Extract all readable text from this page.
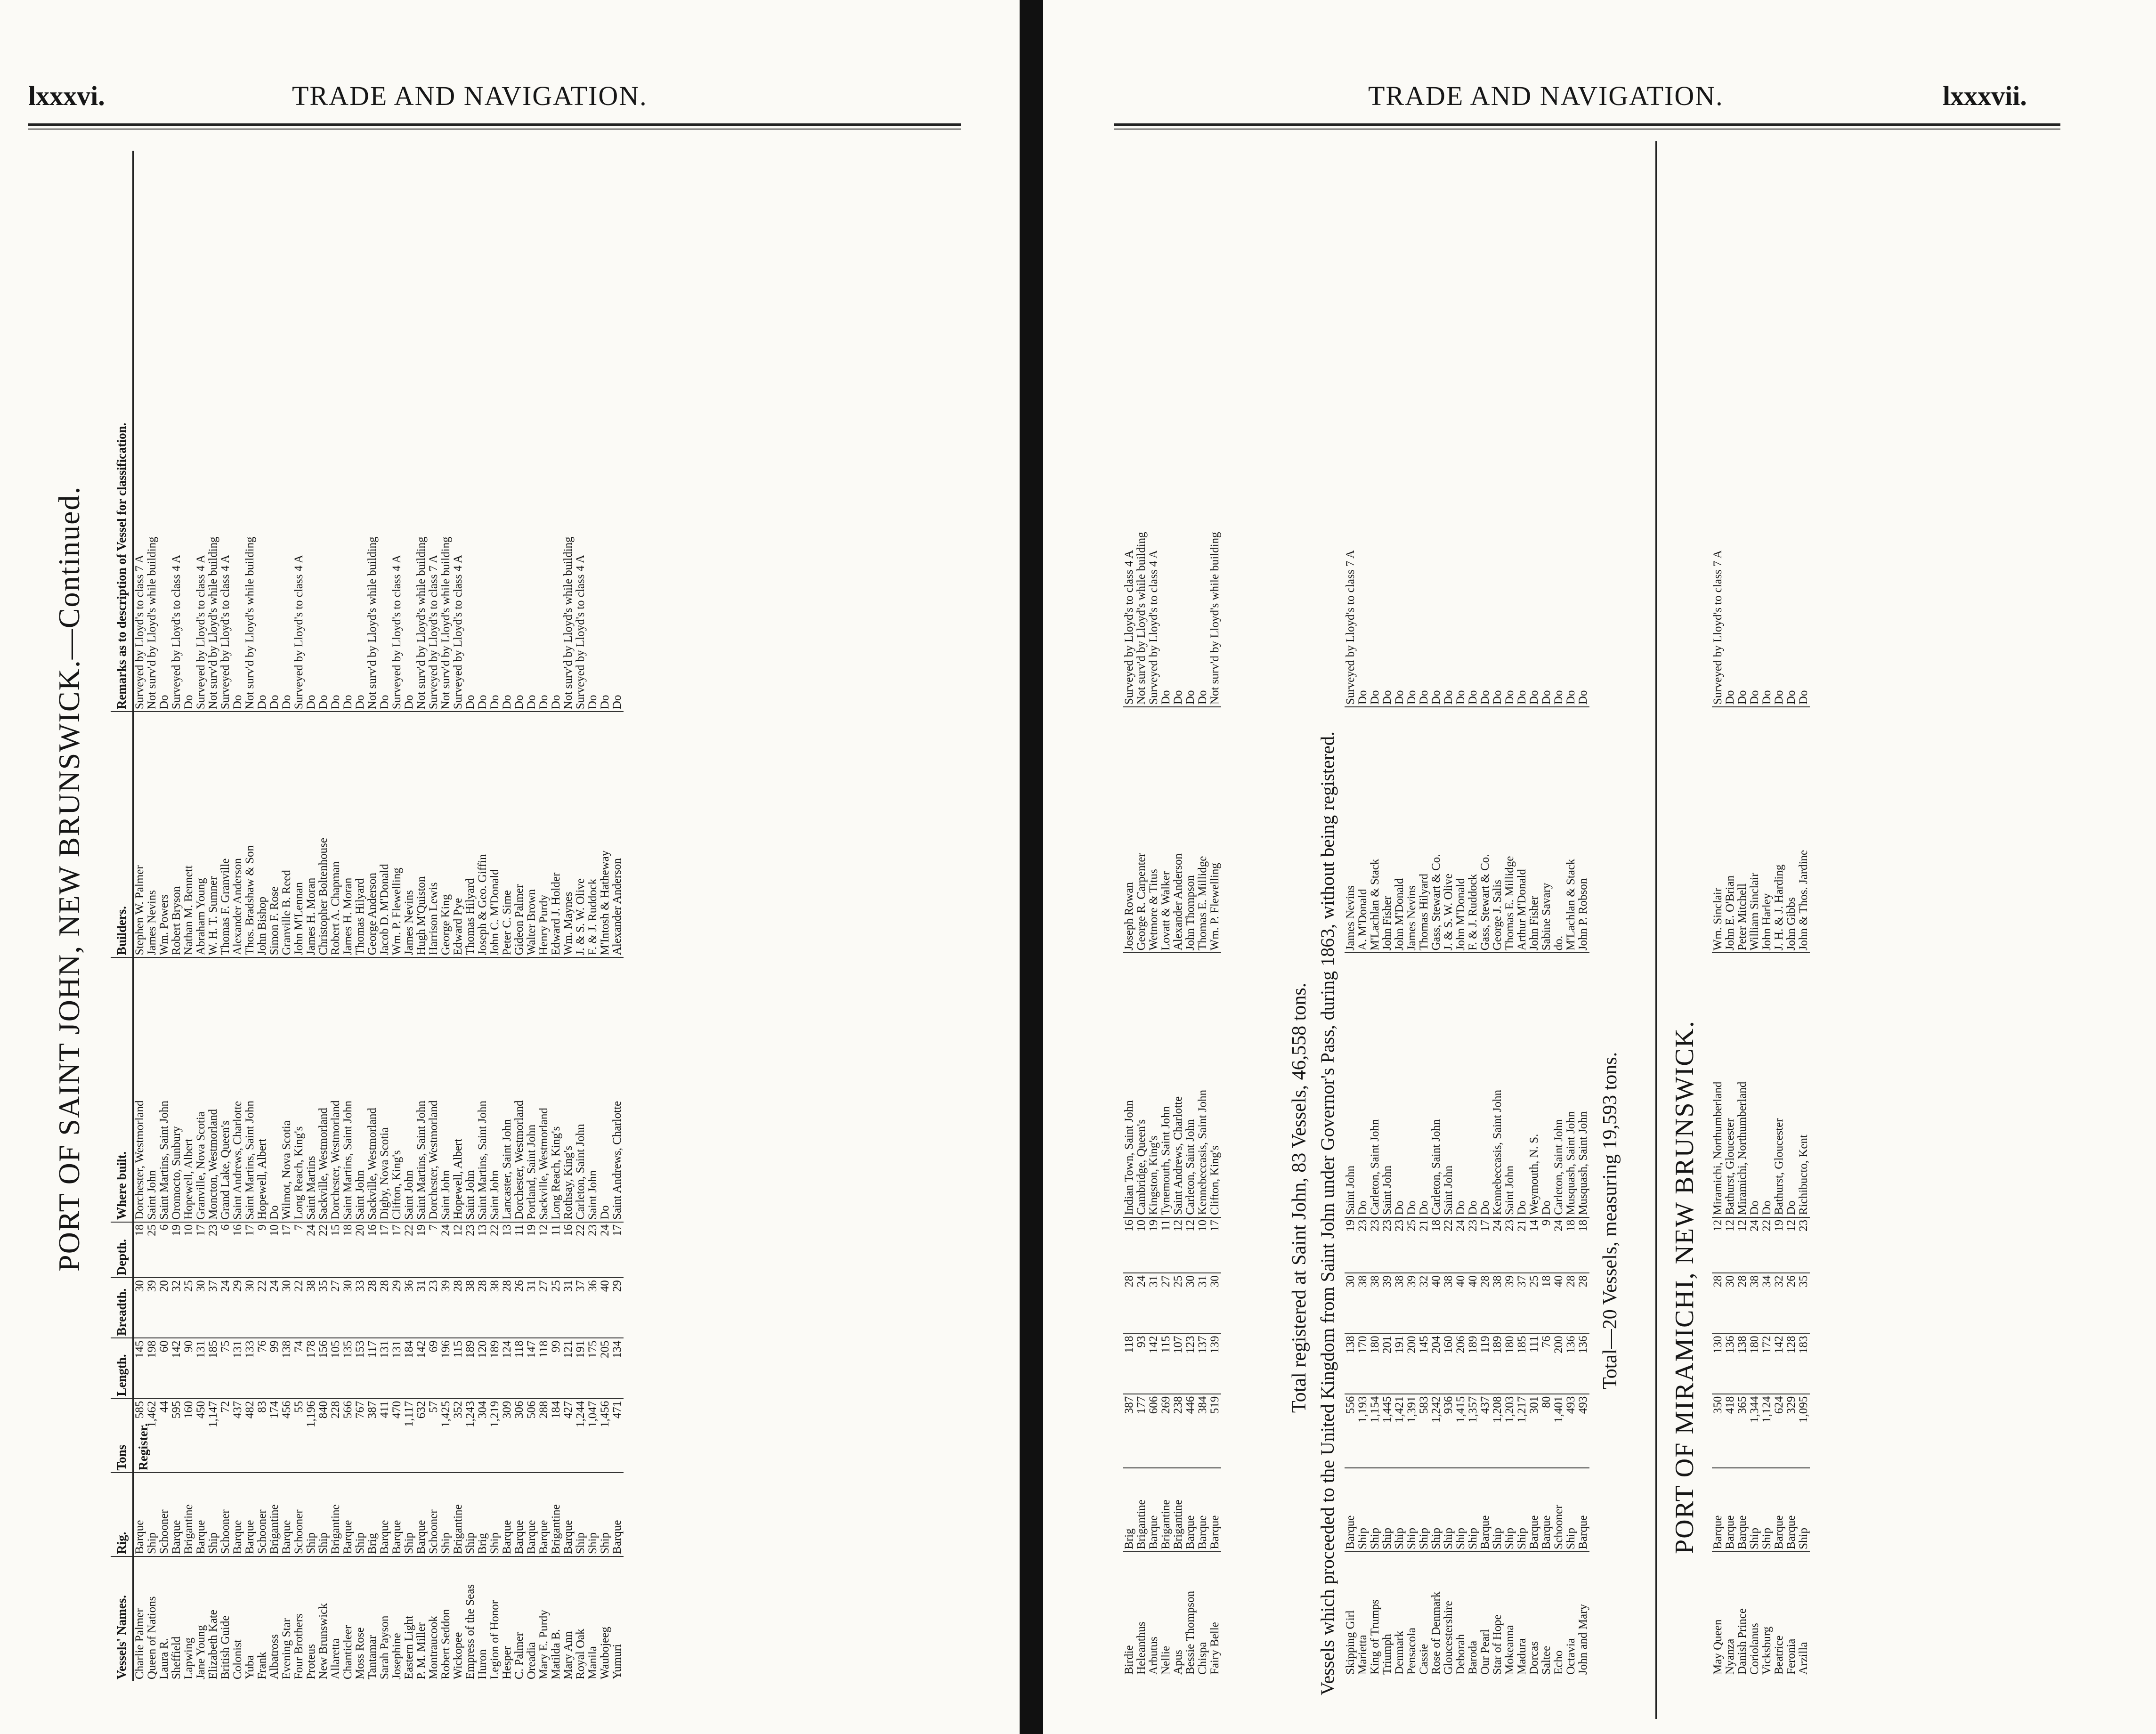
lxxxvi.	TRADE AND NAVIGATION.
PORT OF SAINT JOHN, NEW BRUNSWICK.—Continued.
Vessels' Names.
Rig.
Tons Register.
Length.
Breadth.
Depth.
Where built.
Builders.
Remarks as to description of Vessel for classification.
Charlie Palmer
Barque
585
145
30
18
Dorchester, Westmorland
Stephen W. Palmer
Surveyed by Lloyd's to class 7 A
Queen of Nations
Ship
1,462
198
39
25
Saint John
James Nevins
Not surv'd by Lloyd's while building
Laura R.
Schooner
44
60
20
6
Saint Martins, Saint John
Wm. Powers
Do
Sheffield
Barque
595
142
32
19
Oromocto, Sunbury
Robert Bryson
Surveyed by Lloyd's to class 4 A
Lapwing
Brigantine
160
90
25
10
Hopewell, Albert
Nathan M. Bennett
Do
Jane Young
Barque
450
131
30
17
Granville, Nova Scotia
Abraham Young
Surveyed by Lloyd's to class 4 A
Elizabeth Kate
Ship
1,147
185
37
23
Moncton, Westmorland
W. H. T. Sumner
Not surv'd by Lloyd's while building
British Guide
Schooner
72
75
24
6
Grand Lake, Queen's
Thomas F. Granville
Surveyed by Lloyd's to class 4 A
Colonist
Barque
437
131
29
16
Saint Andrews, Charlotte
Alexander Anderson
Do
Yuba
Barque
482
133
30
17
Saint Martins, Saint John
Thos. Bradshaw & Son
Not surv'd by Lloyd's while building
Frank
Schooner
83
76
22
9
Hopewell, Albert
John Bishop
Do
Albatross
Brigantine
174
99
24
10
Do
Simon F. Rose
Do
Evening Star
Barque
456
138
30
17
Wilmot, Nova Scotia
Granville B. Reed
Do
Four Brothers
Schooner
55
74
22
7
Long Reach, King's
John M'Lennan
Surveyed by Lloyd's to class 4 A
Proteus
Ship
1,196
178
38
24
Saint Martins
James H. Moran
Do
New Brunswick
Ship
840
156
35
22
Sackville, Westmorland
Christopher Boltenhouse
Do
Allaretta
Brigantine
228
105
27
15
Dorchester, Westmorland
Robert A. Chapman
Do
Chanticleer
Barque
566
135
30
18
Saint Martins, Saint John
James H. Moran
Do
Moss Rose
Ship
767
153
33
20
Saint John
Thomas Hilyard
Do
Tantamar
Brig
387
117
28
16
Sackville, Westmorland
George Anderson
Not surv'd by Lloyd's while building
Sarah Payson
Barque
411
131
28
17
Digby, Nova Scotia
Jacob D. M'Donald
Do
Josephine
Barque
470
131
29
17
Clifton, King's
Wm. P. Flewelling
Surveyed by Lloyd's to class 4 A
Eastern Light
Ship
1,117
184
36
22
Saint John
James Nevins
Do
P. M. Miller
Barque
632
142
31
19
Saint Martins, Saint John
Hugh M'Quiston
Not surv'd by Lloyd's while building
Montraucook
Schooner
57
69
23
7
Dorchester, Westmorland
Harrison Lewis
Surveyed by Lloyd's to class 7 A
Robert Seddon
Ship
1,425
196
39
24
Saint John
George King
Not surv'd by Lloyd's while building
Wickopee
Brigantine
352
115
28
12
Hopewell, Albert
Edward Pye
Surveyed by Lloyd's to class 4 A
Empress of the Seas
Ship
1,243
189
38
23
Saint John
Thomas Hilyard
Do
Huron
Brig
304
120
28
13
Saint Martins, Saint John
Joseph & Geo. Giffin
Do
Legion of Honor
Ship
1,219
189
38
22
Saint John
John C. M'Donald
Do
Hesper
Barque
309
124
28
13
Lancaster, Saint John
Peter C. Sime
Do
C. Palmer
Barque
306
118
26
11
Dorchester, Westmorland
Gideon Palmer
Do
Oreadia
Barque
506
147
31
19
Portland, Saint John
Walter Brown
Do
Mary E. Purdy
Barque
288
118
27
12
Sackville, Westmorland
Henry Purdy
Do
Matilda B.
Brigantine
184
99
25
11
Long Reach, King's
Edward J. Holder
Do
Mary Ann
Barque
427
121
31
16
Rothsay, King's
Wm. Maynes
Not surv'd by Lloyd's while building
Royal Oak
Ship
1,244
191
37
22
Carleton, Saint John
J. & S. W. Olive
Surveyed by Lloyd's to class 4 A
Manila
Ship
1,047
175
36
23
Saint John
F. & J. Ruddock
Do
Waubojeeg
Ship
1,456
205
40
24
Do
M'Intosh & Hatheway
Do
Yumuri
Barque
471
134
29
17
Saint Andrews, Charlotte
Alexander Anderson
Do
TRADE AND NAVIGATION.	lxxxvii.
Birdie
Brig
387
118
28
16
Indian Town, Saint John
Joseph Rowan
Surveyed by Lloyd's to class 4 A
Heleanthus
Brigantine
177
93
24
10
Cambridge, Queen's
George R. Carpenter
Not surv'd by Lloyd's while building
Arbutus
Barque
606
142
31
19
Kingston, King's
Wetmore & Titus
Surveyed by Lloyd's to class 4 A
Nellie
Brigantine
269
115
27
11
Tynemouth, Saint John
Lovatt & Walker
Do
Apus
Brigantine
238
107
25
12
Saint Andrews, Charlotte
Alexander Anderson
Do
Bessie Thompson
Barque
446
123
30
12
Carleton, Saint John
John Thompson
Do
Chispa
Barque
384
137
31
10
Kennebeccasis, Saint John
Thomas E. Millidge
Do
Fairy Belle
Barque
519
139
30
17
Clifton, King's
Wm. P. Flewelling
Not surv'd by Lloyd's while building
Total registered at Saint John, 83 Vessels, 46,558 tons. Vessels which proceeded to the United Kingdom from Saint John under Governor's Pass, during 1863, without being registered. Skipping Girl
Barque
556
138
30
19
Saint John
James Nevins
Surveyed by Lloyd's to class 7 A
Marietta
Ship
1,193
170
38
23
Do
A. M'Donald
Do
King of Trumps
Ship
1,154
180
38
23
Carleton, Saint John
M'Lachlan & Stack
Do
Triumph
Ship
1,445
201
39
23
Saint John
John Fisher
Do
Denmark
Ship
1,421
191
38
23
Do
John M'Donald
Do
Pensacola
Ship
1,391
200
39
25
Do
James Nevins
Do
Cassie
Ship
583
145
32
21
Do
Thomas Hilyard
Do
Rose of Denmark
Ship
1,242
204
40
18
Carleton, Saint John
Gass, Stewart & Co.
Do
Gloucestershire
Ship
936
160
38
22
Saint John
J. & S. W. Olive
Do
Deborah
Ship
1,415
206
40
24
Do
John M'Donald
Do
Baroda
Ship
1,357
189
40
23
Do
F. & J. Ruddock
Do
Our Pearl
Barque
437
119
28
17
Do
Gass, Stewart & Co.
Do
Star of Hope
Ship
1,208
189
38
24
Kennebeccasis, Saint John
George J. Salis
Do
Mokeanna
Ship
1,203
180
39
23
Saint John
Thomas E. Millidge
Do
Madura
Ship
1,217
185
37
21
Do
Arthur M'Donald
Do
Dorcas
Barque
301
111
25
14
Weymouth, N. S.
John Fisher
Do
Saltee
Barque
80
76
18
9
Do
Sabine Savary
Do
Echo
Schooner
1,401
200
40
24
Carleton, Saint John
do.
Do
Octavia
Ship
493
136
28
18
Musquash, Saint John
M'Lachlan & Stack
Do
John and Mary
Barque
493
136
28
18
Musquash, Saint John
John P. Robson
Do
Total—20 Vessels, measuring 19,593 tons. PORT OF MIRAMICHI, NEW BRUNSWICK.
May Queen
Barque
350
130
28
12
Miramichi, Northumberland
Wm. Sinclair
Surveyed by Lloyd's to class 7 A
Nyanza
Barque
418
136
30
12
Bathurst, Gloucester
John E. O'Brian
Do
Danish Prince
Barque
365
138
28
12
Miramichi, Northumberland
Peter Mitchell
Do
Coriolanus
Ship
1,344
180
38
24
Do
William Sinclair
Do
Vicksburg
Ship
1,124
172
34
22
Do
John Harley
Do
Beatrice
Barque
624
142
32
19
Bathurst, Gloucester
J. H. & J. Harding
Do
Feronia
Barque
329
128
26
12
Do
John Gibbs
Do
Arzilla
Ship
1,095
183
35
23
Richibucto, Kent
John & Thos. Jardine
Do
